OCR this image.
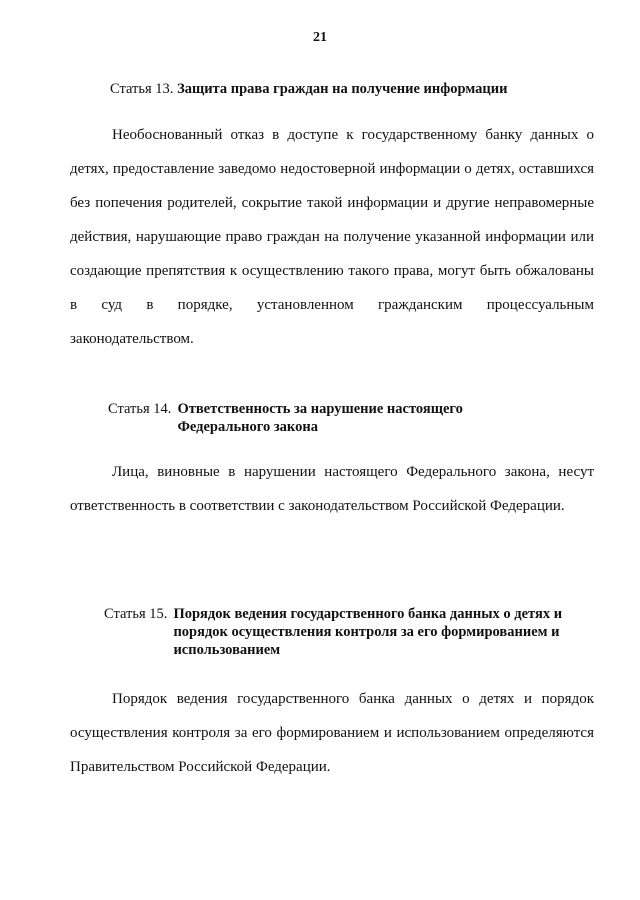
21
Статья 13. Защита права граждан на получение информации
Необоснованный отказ в доступе к государственному банку данных о детях, предоставление заведомо недостоверной информации о детях, оставшихся без попечения родителей, сокрытие такой информации и другие неправомерные действия, нарушающие право граждан на получение указанной информации или создающие препятствия к осуществлению такого права, могут быть обжалованы в суд в порядке, установленном гражданским процессуальным законодательством.
Статья 14. Ответственность за нарушение настоящего Федерального закона
Лица, виновные в нарушении настоящего Федерального закона, несут ответственность в соответствии с законодательством Российской Федерации.
Статья 15. Порядок ведения государственного банка данных о детях и порядок осуществления контроля за его формированием и использованием
Порядок ведения государственного банка данных о детях и порядок осуществления контроля за его формированием и использованием определяются Правительством Российской Федерации.
